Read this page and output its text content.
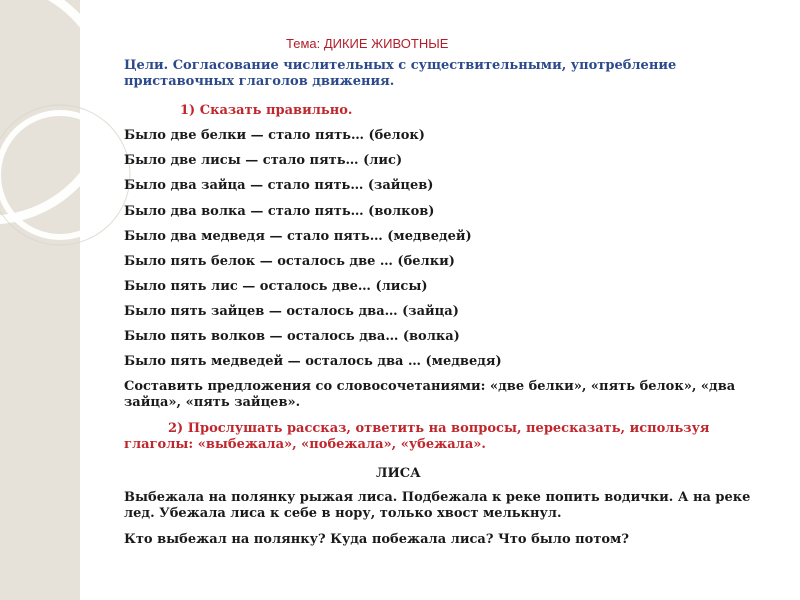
Тема: ДИКИЕ ЖИВОТНЫЕ
Цели. Согласование числительных с существительными, употребление приставочных глаголов движения.
1) Сказать правильно.
Было две белки — стало пять… (белок)
Было две лисы — стало пять… (лис)
Было два зайца — стало пять… (зайцев)
Было два волка — стало пять… (волков)
Было два медведя — стало пять… (медведей)
Было пять белок — осталось две … (белки)
Было пять лис — осталось две… (лисы)
Было пять зайцев — осталось два… (зайца)
Было пять волков — осталось два… (волка)
Было пять медведей — осталось два … (медведя)
Составить предложения со словосочетаниями: «две белки», «пять белок», «два зайца», «пять зайцев».
2) Прослушать рассказ, ответить на вопросы, пересказать, используя глаголы: «выбежала», «побежала», «убежала».
ЛИСА
Выбежала на полянку рыжая лиса. Подбежала к реке попить водички. А на реке лед. Убежала лиса к себе в нору, только хвост мелькнул.
Кто выбежал на полянку? Куда побежала лиса? Что было потом?
